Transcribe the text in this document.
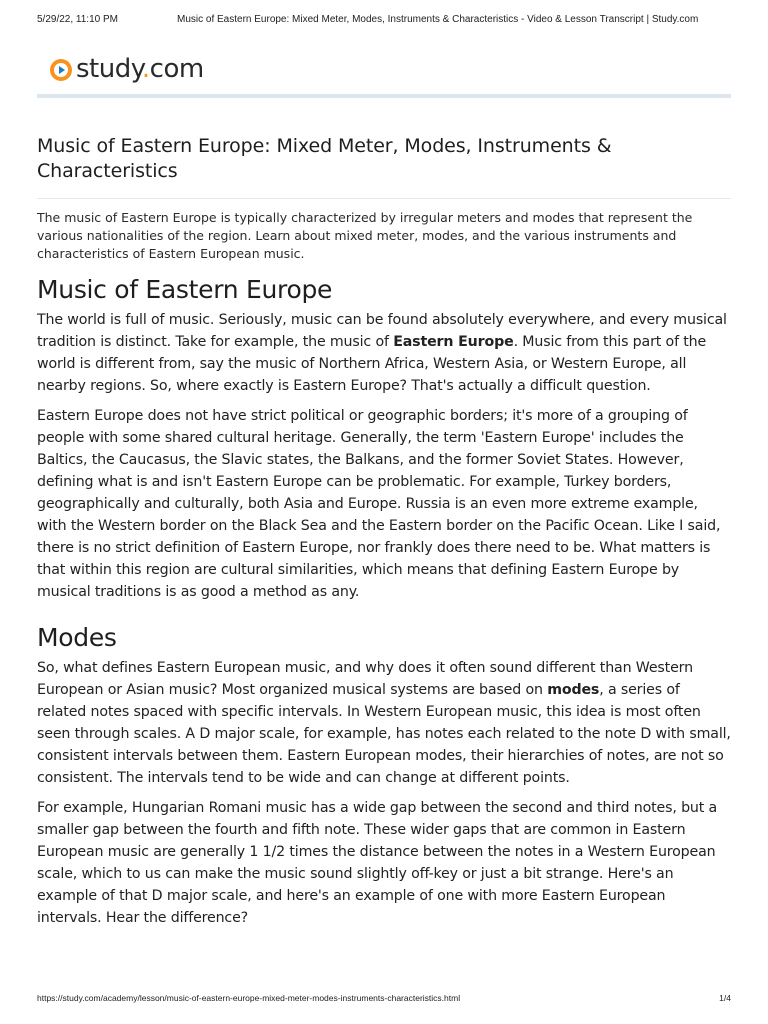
5/29/22, 11:10 PM	Music of Eastern Europe: Mixed Meter, Modes, Instruments & Characteristics - Video & Lesson Transcript | Study.com
study.com
Music of Eastern Europe: Mixed Meter, Modes, Instruments & Characteristics

The music of Eastern Europe is typically characterized by irregular meters and modes that represent the various nationalities of the region. Learn about mixed meter, modes, and the various instruments and characteristics of Eastern European music.

Music of Eastern Europe

The world is full of music. Seriously, music can be found absolutely everywhere, and every musical tradition is distinct. Take for example, the music of Eastern Europe. Music from this part of the world is different from, say the music of Northern Africa, Western Asia, or Western Europe, all nearby regions. So, where exactly is Eastern Europe? That's actually a difficult question.

Eastern Europe does not have strict political or geographic borders; it's more of a grouping of people with some shared cultural heritage. Generally, the term 'Eastern Europe' includes the Baltics, the Caucasus, the Slavic states, the Balkans, and the former Soviet States. However, defining what is and isn't Eastern Europe can be problematic. For example, Turkey borders, geographically and culturally, both Asia and Europe. Russia is an even more extreme example, with the Western border on the Black Sea and the Eastern border on the Pacific Ocean. Like I said, there is no strict definition of Eastern Europe, nor frankly does there need to be. What matters is that within this region are cultural similarities, which means that defining Eastern Europe by musical traditions is as good a method as any.

Modes

So, what defines Eastern European music, and why does it often sound different than Western European or Asian music? Most organized musical systems are based on modes, a series of related notes spaced with specific intervals. In Western European music, this idea is most often seen through scales. A D major scale, for example, has notes each related to the note D with small, consistent intervals between them. Eastern European modes, their hierarchies of notes, are not so consistent. The intervals tend to be wide and can change at different points.

For example, Hungarian Romani music has a wide gap between the second and third notes, but a smaller gap between the fourth and fifth note. These wider gaps that are common in Eastern European music are generally 1 1/2 times the distance between the notes in a Western European scale, which to us can make the music sound slightly off-key or just a bit strange. Here's an example of that D major scale, and here's an example of one with more Eastern European intervals. Hear the difference?

https://study.com/academy/lesson/music-of-eastern-europe-mixed-meter-modes-instruments-characteristics.html	1/4
